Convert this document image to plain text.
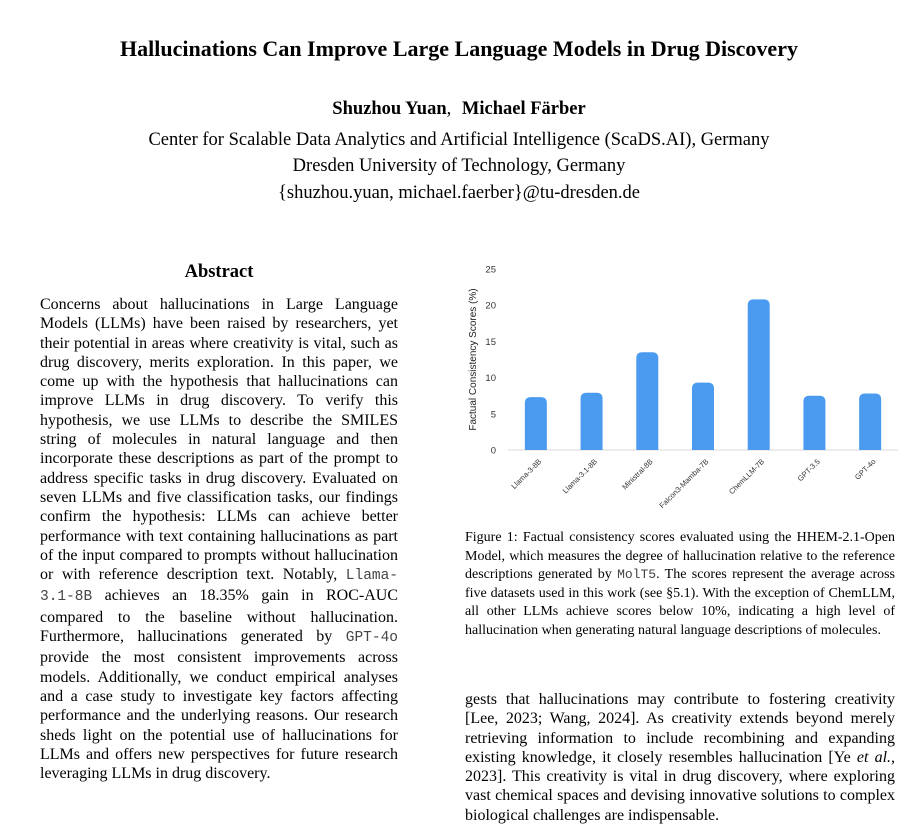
Hallucinations Can Improve Large Language Models in Drug Discovery
Shuzhou Yuan, Michael Färber
Center for Scalable Data Analytics and Artificial Intelligence (ScaDS.AI), Germany
Dresden University of Technology, Germany
{shuzhou.yuan, michael.faerber}@tu-dresden.de
Abstract
Concerns about hallucinations in Large Language Models (LLMs) have been raised by researchers, yet their potential in areas where creativity is vital, such as drug discovery, merits exploration. In this paper, we come up with the hypothesis that hallucinations can improve LLMs in drug discovery. To verify this hypothesis, we use LLMs to describe the SMILES string of molecules in natural language and then incorporate these descriptions as part of the prompt to address specific tasks in drug discovery. Evaluated on seven LLMs and five classification tasks, our findings confirm the hypothesis: LLMs can achieve better performance with text containing hallucinations as part of the input compared to prompts without hallucination or with reference description text. Notably, Llama-3.1-8B achieves an 18.35% gain in ROC-AUC compared to the baseline without hallucination. Furthermore, hallucinations generated by GPT-4o provide the most consistent improvements across models. Additionally, we conduct empirical analyses and a case study to investigate key factors affecting performance and the underlying reasons. Our research sheds light on the potential use of hallucinations for LLMs and offers new perspectives for future research leveraging LLMs in drug discovery.
Factual Consistency Scores (%)
0
5
10
15
20
25
Llama-3-8B Llama-3.1-8B	Ministral-8B Falcon3-Mamba-7B ChemLLM-7B	GPT-3.5	GPT-4o
Figure 1: Factual consistency scores evaluated using the HHEM-2.1-Open Model, which measures the degree of hallucination relative to the reference descriptions generated by MolT5. The scores represent the average across five datasets used in this work (see §5.1). With the exception of ChemLLM, all other LLMs achieve scores below 10%, indicating a high level of hallucination when generating natural language descriptions of molecules.
gests that hallucinations may contribute to fostering creativity [Lee, 2023; Wang, 2024]. As creativity extends beyond merely retrieving information to include recombining and expanding existing knowledge, it closely resembles hallucination [Ye et al., 2023]. This creativity is vital in drug discovery, where exploring vast chemical spaces and devising innovative solutions to complex biological challenges are indispensable.
